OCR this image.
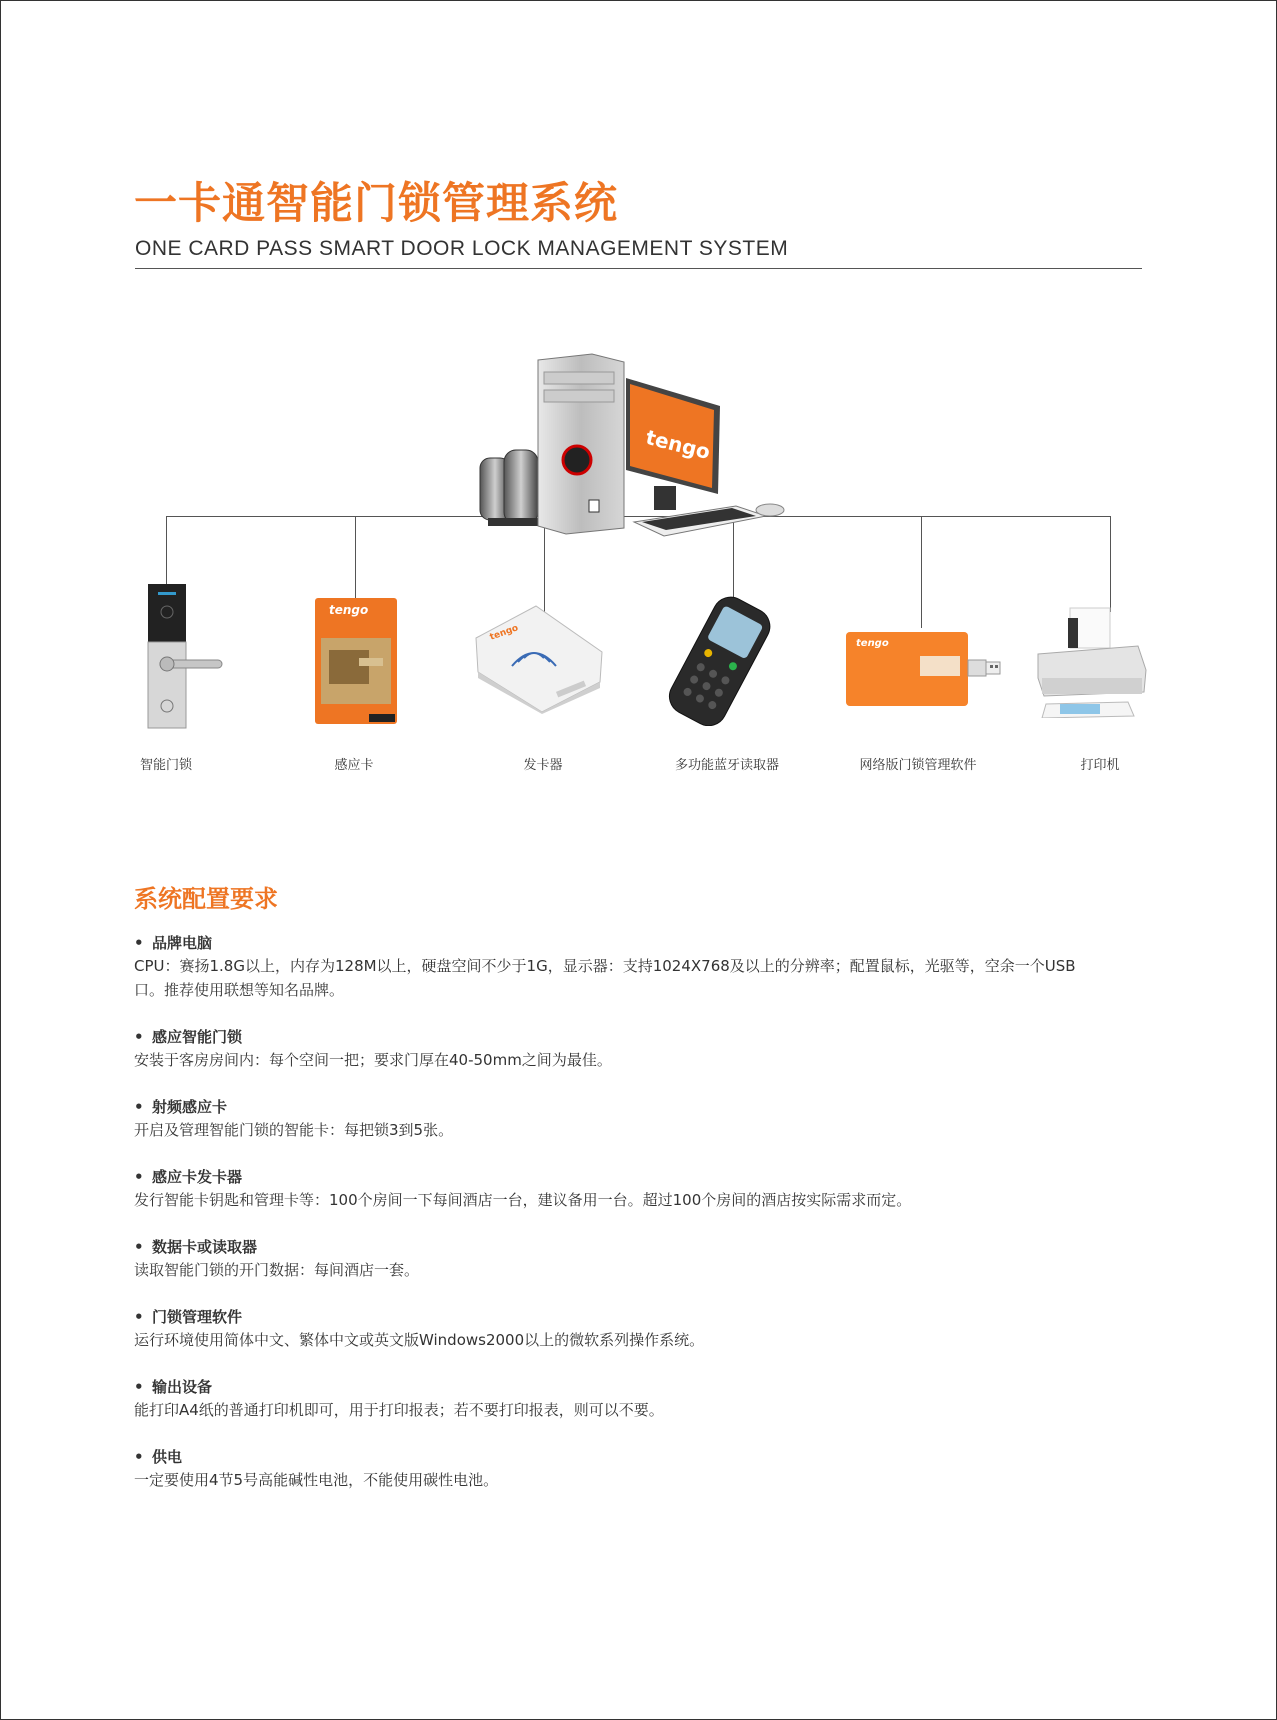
一卡通智能门锁管理系统

ONE CARD PASS SMART DOOR LOCK MANAGEMENT SYSTEM

tengo
tengo
tengo
tengo
智能门锁	感应卡	发卡器	多功能蓝牙读取器	网络版门锁管理软件	打印机
系统配置要求

• 品牌电脑

CPU：赛扬1.8G以上，内存为128M以上，硬盘空间不少于1G，显示器：支持1024X768及以上的分辨率；配置鼠标，光驱等，空余一个USB口。推荐使用联想等知名品牌。

• 感应智能门锁

安装于客房房间内：每个空间一把；要求门厚在40-50mm之间为最佳。

• 射频感应卡

开启及管理智能门锁的智能卡：每把锁3到5张。

• 感应卡发卡器

发行智能卡钥匙和管理卡等：100个房间一下每间酒店一台，建议备用一台。超过100个房间的酒店按实际需求而定。

• 数据卡或读取器

读取智能门锁的开门数据：每间酒店一套。

• 门锁管理软件

运行环境使用简体中文、繁体中文或英文版Windows2000以上的微软系列操作系统。

• 输出设备

能打印A4纸的普通打印机即可，用于打印报表；若不要打印报表，则可以不要。

• 供电

一定要使用4节5号高能碱性电池，不能使用碳性电池。
